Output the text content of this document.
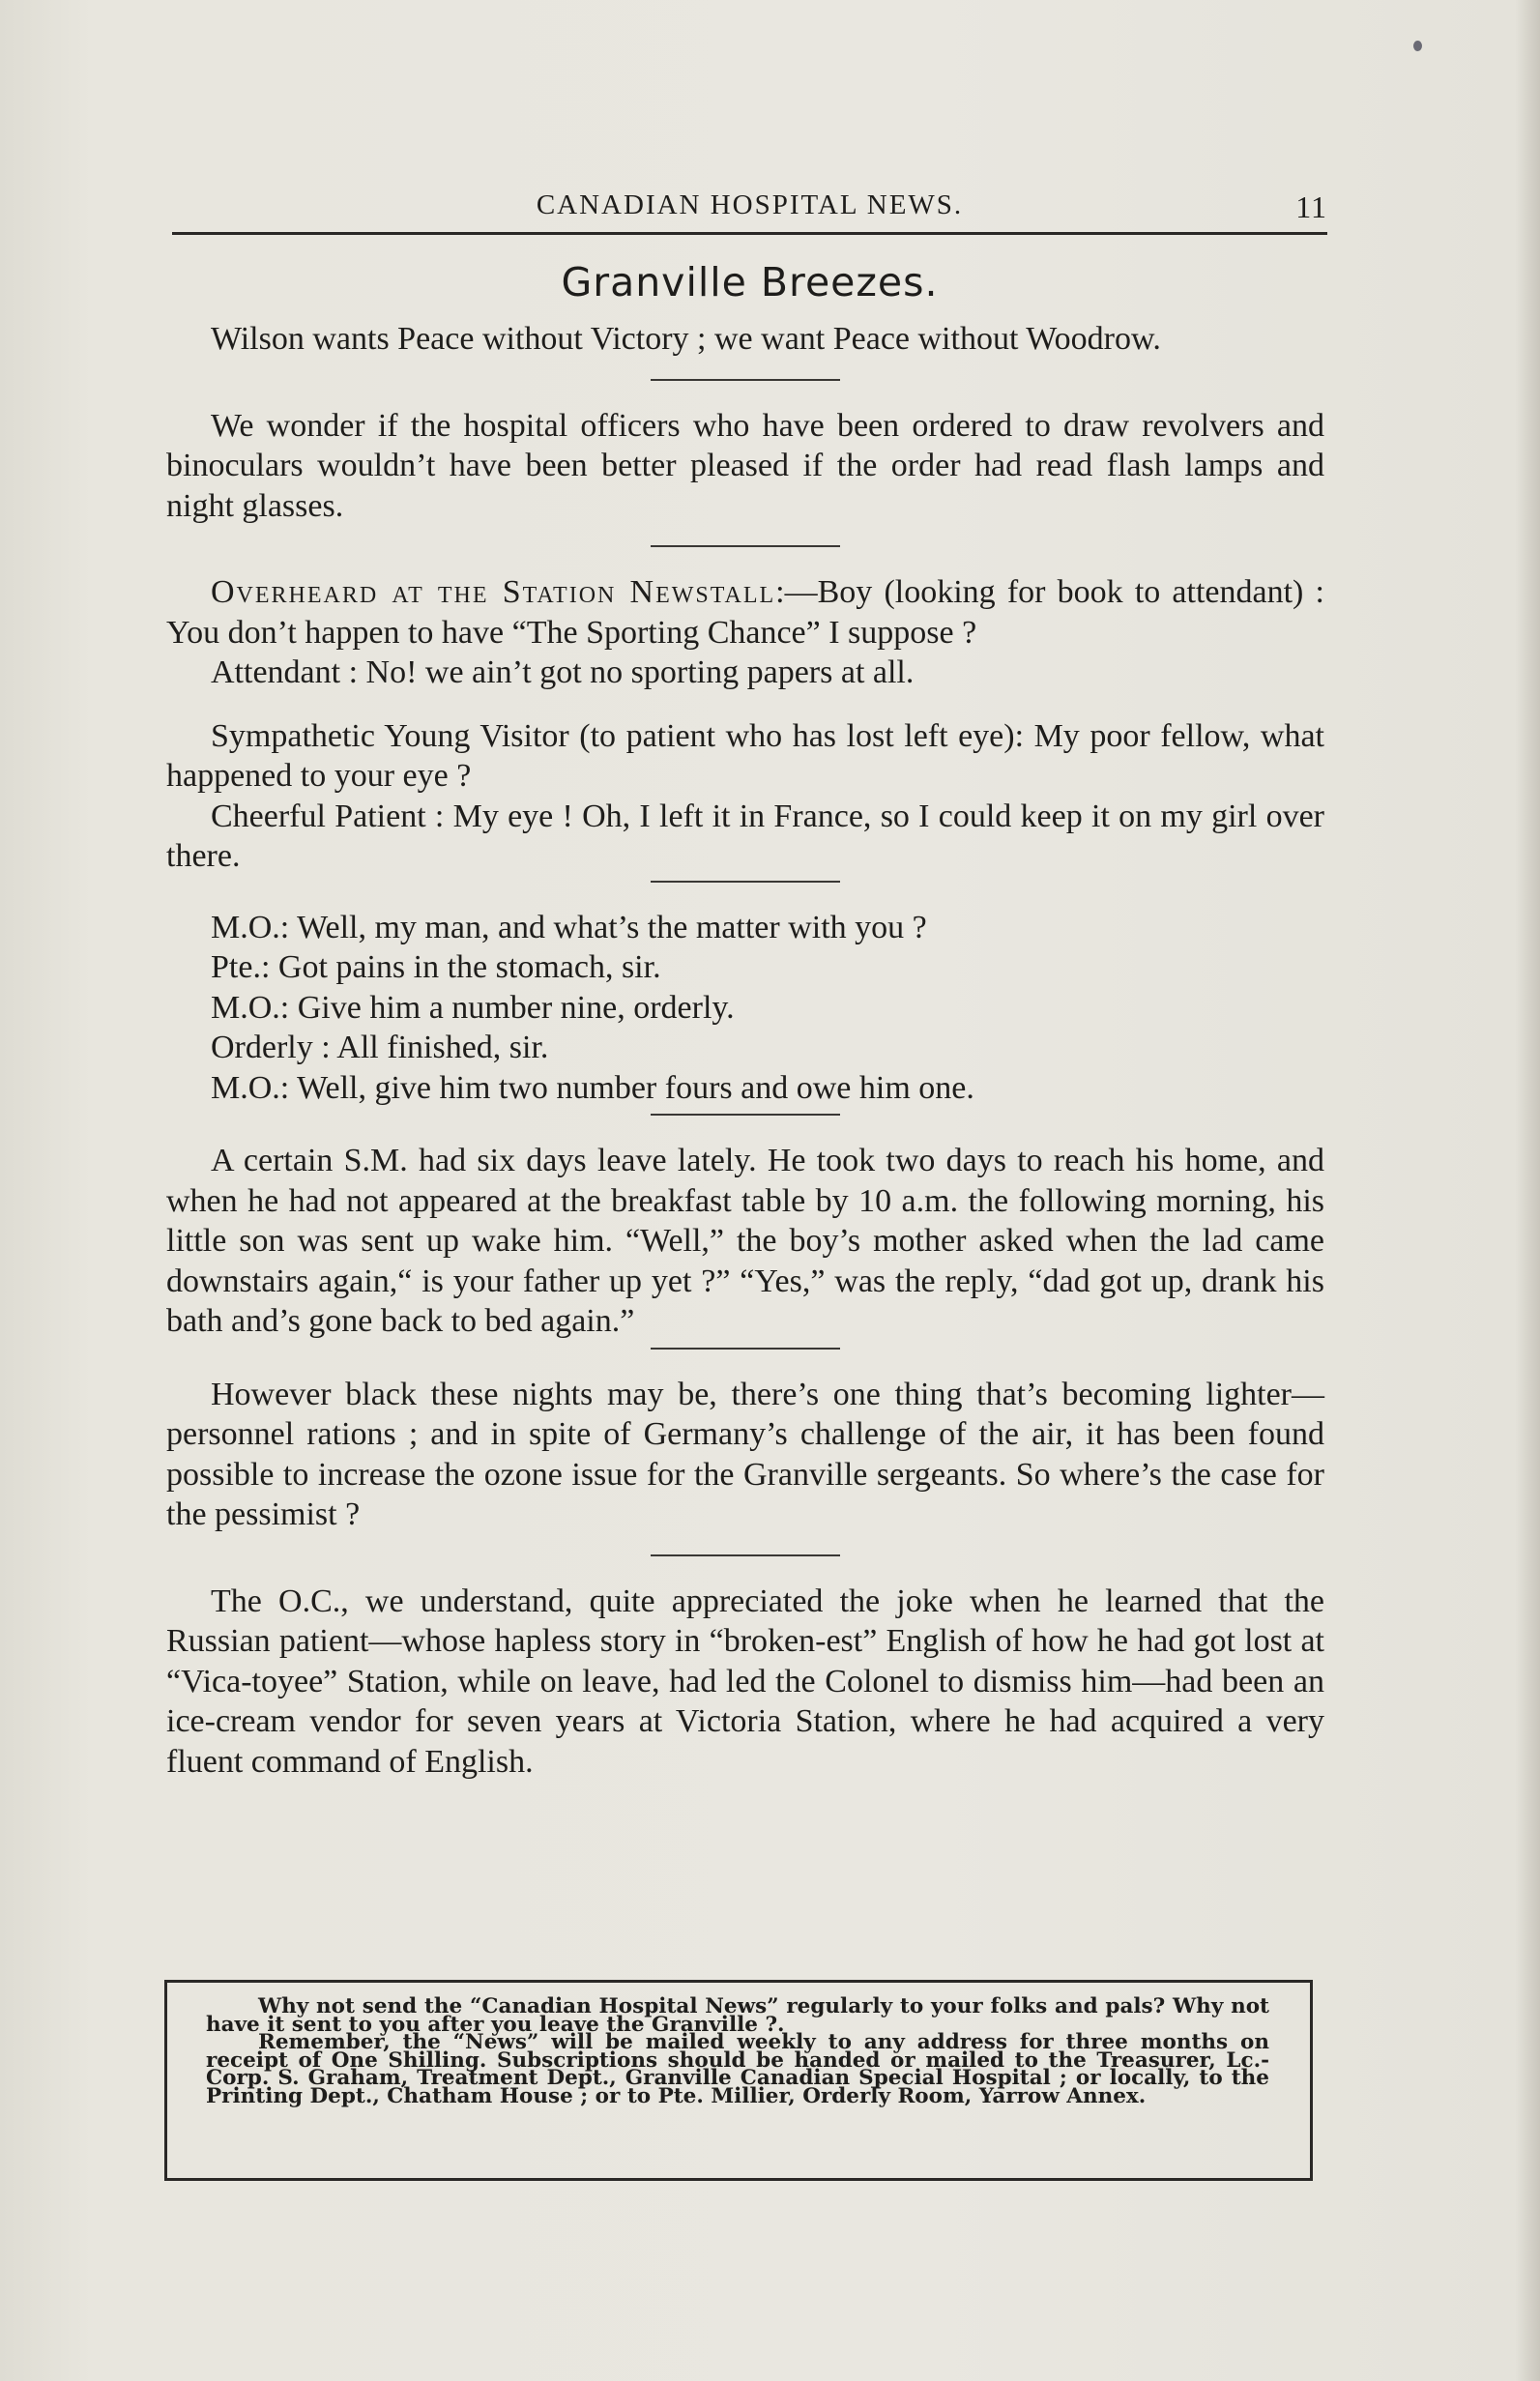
CANADIAN HOSPITAL NEWS.	11
Granville Breezes.

Wilson wants Peace without Victory ; we want Peace without Woodrow.

We wonder if the hospital officers who have been ordered to draw revolvers and binoculars wouldn’t have been better pleased if the order had read flash lamps and night glasses.

Overheard at the Station Newstall:—Boy (looking for book to attendant) : You don’t happen to have “The Sporting Chance” I suppose ?

Attendant : No! we ain’t got no sporting papers at all.

Sympathetic Young Visitor (to patient who has lost left eye): My poor fellow, what happened to your eye ?

Cheerful Patient : My eye ! Oh, I left it in France, so I could keep it on my girl over there.

M.O.: Well, my man, and what’s the matter with you ?

Pte.: Got pains in the stomach, sir.

M.O.: Give him a number nine, orderly.

Orderly : All finished, sir.

M.O.: Well, give him two number fours and owe him one.

A certain S.M. had six days leave lately. He took two days to reach his home, and when he had not appeared at the breakfast table by 10 a.m. the following morning, his little son was sent up wake him. “Well,” the boy’s mother asked when the lad came downstairs again,“ is your father up yet ?” “Yes,” was the reply, “dad got up, drank his bath and’s gone back to bed again.”

However black these nights may be, there’s one thing that’s becoming lighter—personnel rations ; and in spite of Germany’s challenge of the air, it has been found possible to increase the ozone issue for the Granville sergeants. So where’s the case for the pessimist ?

The O.C., we understand, quite appreciated the joke when he learned that the Russian patient—whose hapless story in “broken-est” English of how he had got lost at “Vica-toyee” Station, while on leave, had led the Colonel to dismiss him—had been an ice-cream vendor for seven years at Victoria Station, where he had acquired a very fluent command of English.

Why not send the “Canadian Hospital News” regularly to your folks and pals? Why not have it sent to you after you leave the Granville ?.

Remember, the “News” will be mailed weekly to any address for three months on receipt of One Shilling. Subscriptions should be handed or mailed to the Treasurer, Lc.-Corp. S. Graham, Treatment Dept., Granville Canadian Special Hospital ; or locally, to the Printing Dept., Chatham House ; or to Pte. Millier, Orderly Room, Yarrow Annex.
